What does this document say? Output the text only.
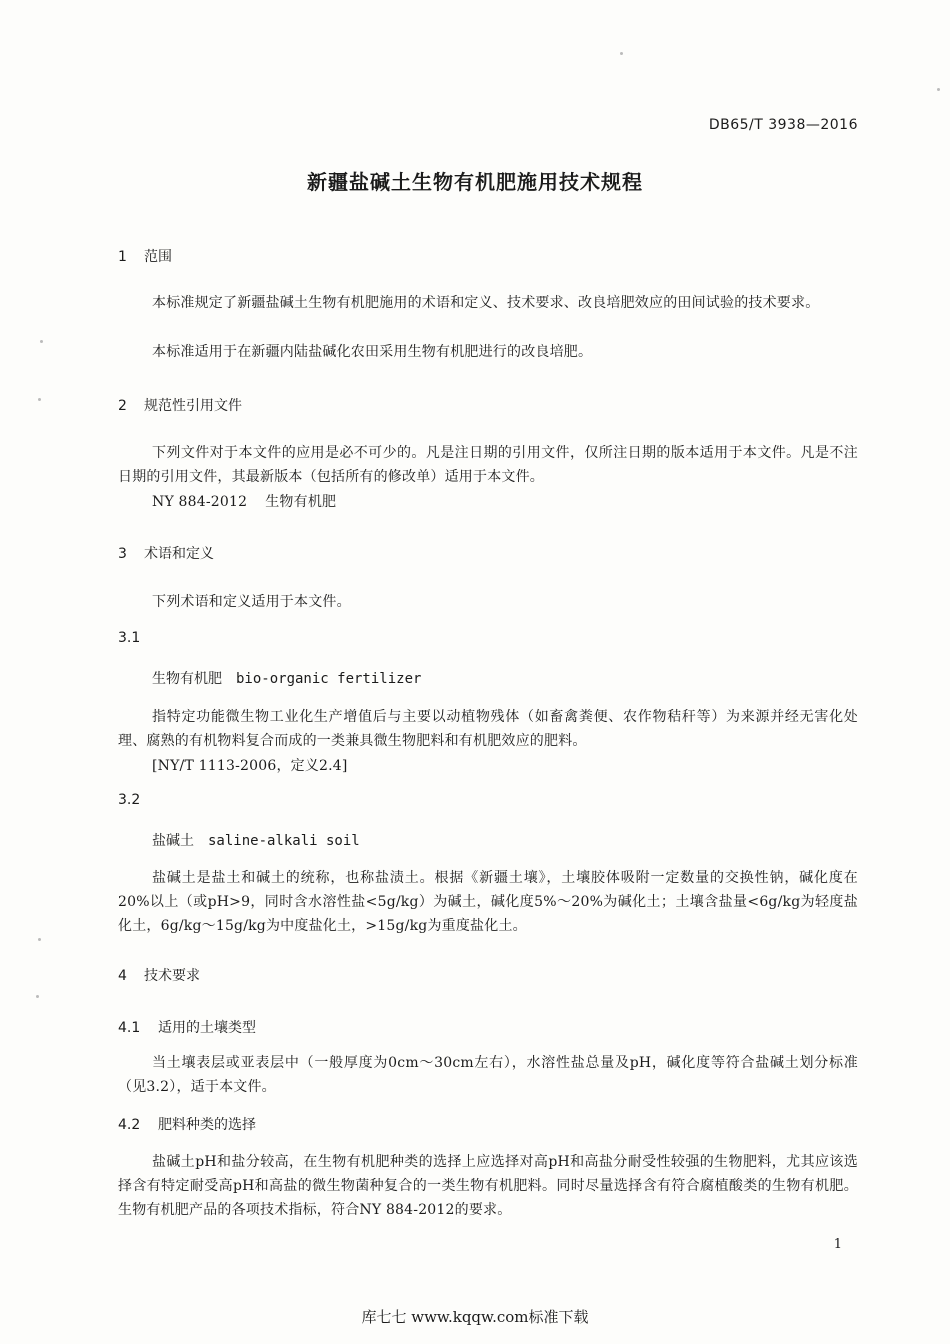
DB65/T 3938—2016
新疆盐碱土生物有机肥施用技术规程
1 范围
本标准规定了新疆盐碱土生物有机肥施用的术语和定义、技术要求、改良培肥效应的田间试验的技术要求。
本标准适用于在新疆内陆盐碱化农田采用生物有机肥进行的改良培肥。
2 规范性引用文件
下列文件对于本文件的应用是必不可少的。凡是注日期的引用文件，仅所注日期的版本适用于本文件。凡是不注日期的引用文件，其最新版本（包括所有的修改单）适用于本文件。
NY 884-2012 生物有机肥
3 术语和定义
下列术语和定义适用于本文件。
3.1
生物有机肥 bio-organic fertilizer
指特定功能微生物工业化生产增值后与主要以动植物残体（如畜禽粪便、农作物秸秆等）为来源并经无害化处理、腐熟的有机物料复合而成的一类兼具微生物肥料和有机肥效应的肥料。
[NY/T 1113-2006，定义2.4]
3.2
盐碱土 saline-alkali soil
盐碱土是盐土和碱土的统称，也称盐渍土。根据《新疆土壤》，土壤胶体吸附一定数量的交换性钠，碱化度在20%以上（或pH>9，同时含水溶性盐<5g/kg）为碱土，碱化度5%～20%为碱化土；土壤含盐量<6g/kg为轻度盐化土，6g/kg～15g/kg为中度盐化土，>15g/kg为重度盐化土。
4 技术要求
4.1 适用的土壤类型
当土壤表层或亚表层中（一般厚度为0cm～30cm左右），水溶性盐总量及pH，碱化度等符合盐碱土划分标准（见3.2），适于本文件。
4.2 肥料种类的选择
盐碱土pH和盐分较高，在生物有机肥种类的选择上应选择对高pH和高盐分耐受性较强的生物肥料，尤其应该选择含有特定耐受高pH和高盐的微生物菌种复合的一类生物有机肥料。同时尽量选择含有符合腐植酸类的生物有机肥。生物有机肥产品的各项技术指标，符合NY 884-2012的要求。
1
库七七 www.kqqw.com标准下载
